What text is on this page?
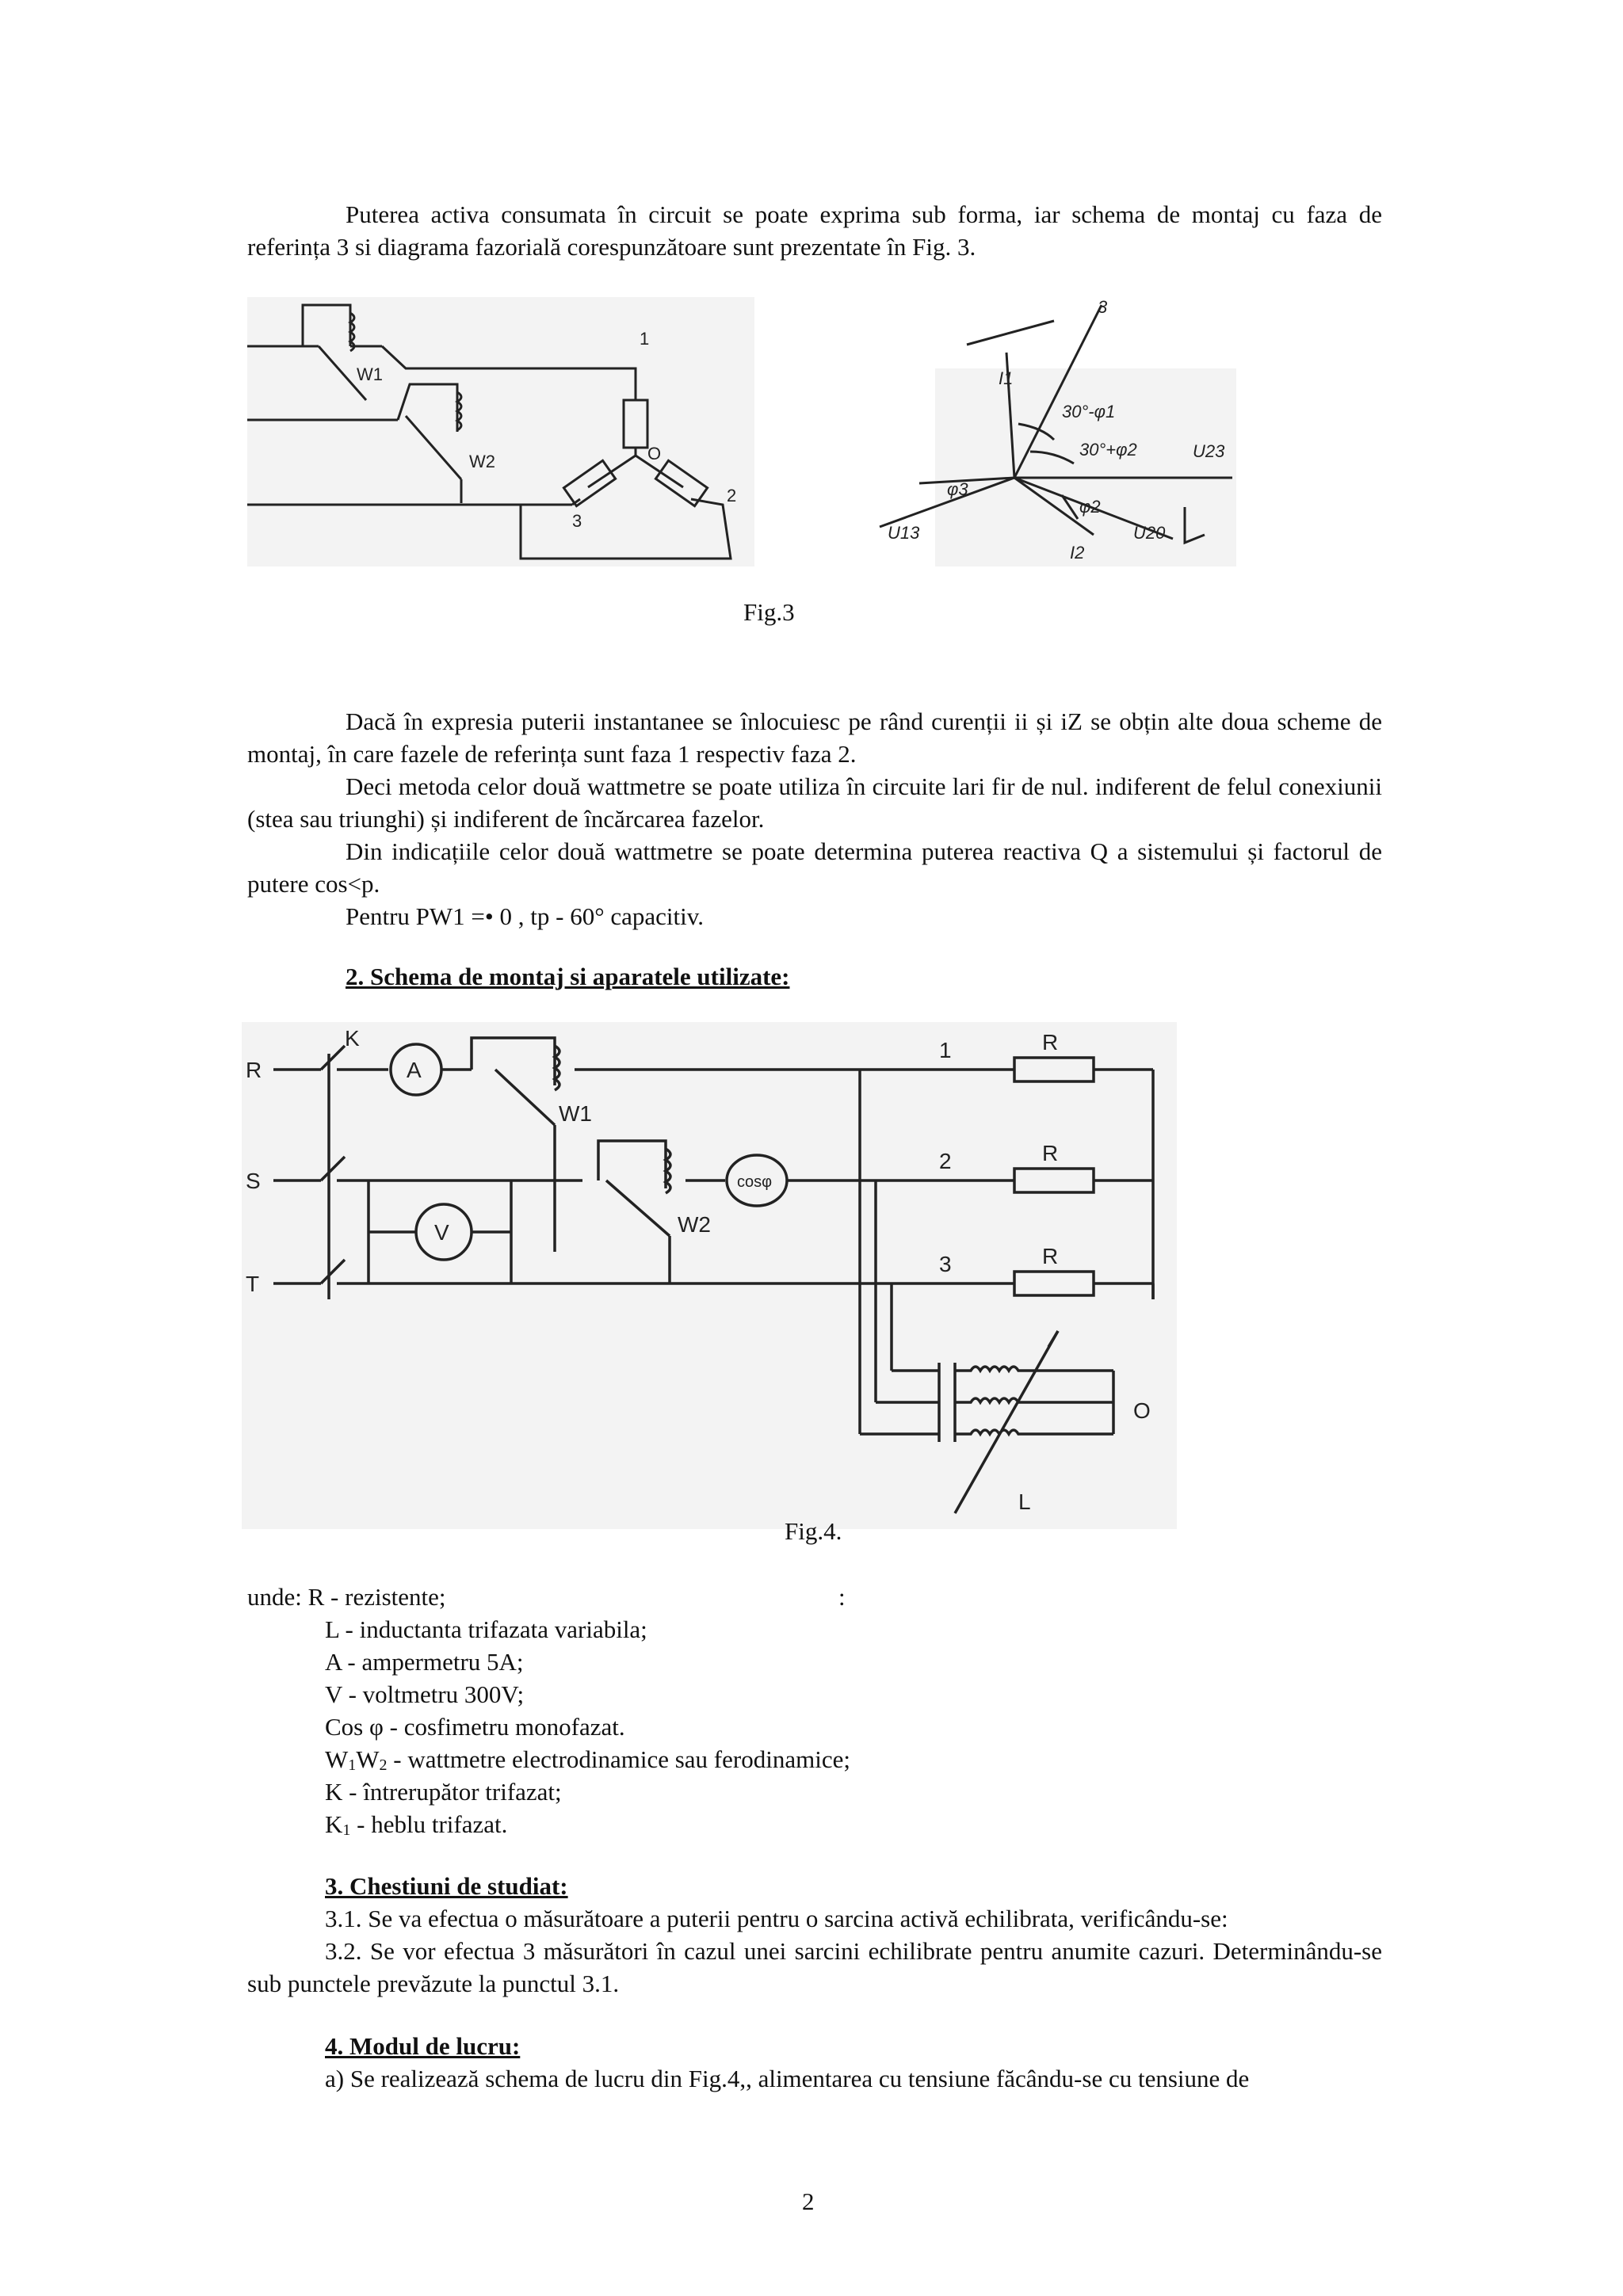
Puterea activa consumata în circuit se poate exprima sub forma, iar schema de montaj cu faza de referința 3 si diagrama fazorială corespunzătoare sunt prezentate în Fig. 3.
W1
W2
1
O
2
3
3
I1
30°-φ1
30°+φ2	U23
U13	U20
I2
φ2
φ3
Fig.3
Dacă în expresia puterii instantanee se înlocuiesc pe rând curenții ii și iZ se obțin alte doua scheme de montaj, în care fazele de referința sunt faza 1 respectiv faza 2.
Deci metoda celor două wattmetre se poate utiliza în circuite lari fir de nul. indiferent de felul conexiunii (stea sau triunghi) și indiferent de încărcarea fazelor.
Din indicațiile celor două wattmetre se poate determina puterea reactiva Q a sistemului și factorul de putere cos<p.
Pentru PW1 =• 0 , tp - 60° capacitiv.
2. Schema de montaj si aparatele utilizate:
R
S
T
K
A
V
W1
W2
cosφ
1
2
3
R
R
R
O
L
Fig.4.
unde: R - rezistente;	:
L - inductanta trifazata variabila;
A - ampermetru 5A;
V - voltmetru 300V;
Cos φ - cosfimetru monofazat.
$W_1W_2$ - wattmetre electrodinamice sau ferodinamice;
K - întrerupător trifazat;
$K_1$ - heblu trifazat.
3. Chestiuni de studiat:
3.1. Se va efectua o măsurătoare a puterii pentru o sarcina activă echilibrata, verificându-se:
3.2. Se vor efectua 3 măsurători în cazul unei sarcini echilibrate pentru anumite cazuri. Determinându-se sub punctele prevăzute la punctul 3.1.
4. Modul de lucru:
a) Se realizează schema de lucru din Fig.4,, alimentarea cu tensiune făcându-se cu tensiune de
2
